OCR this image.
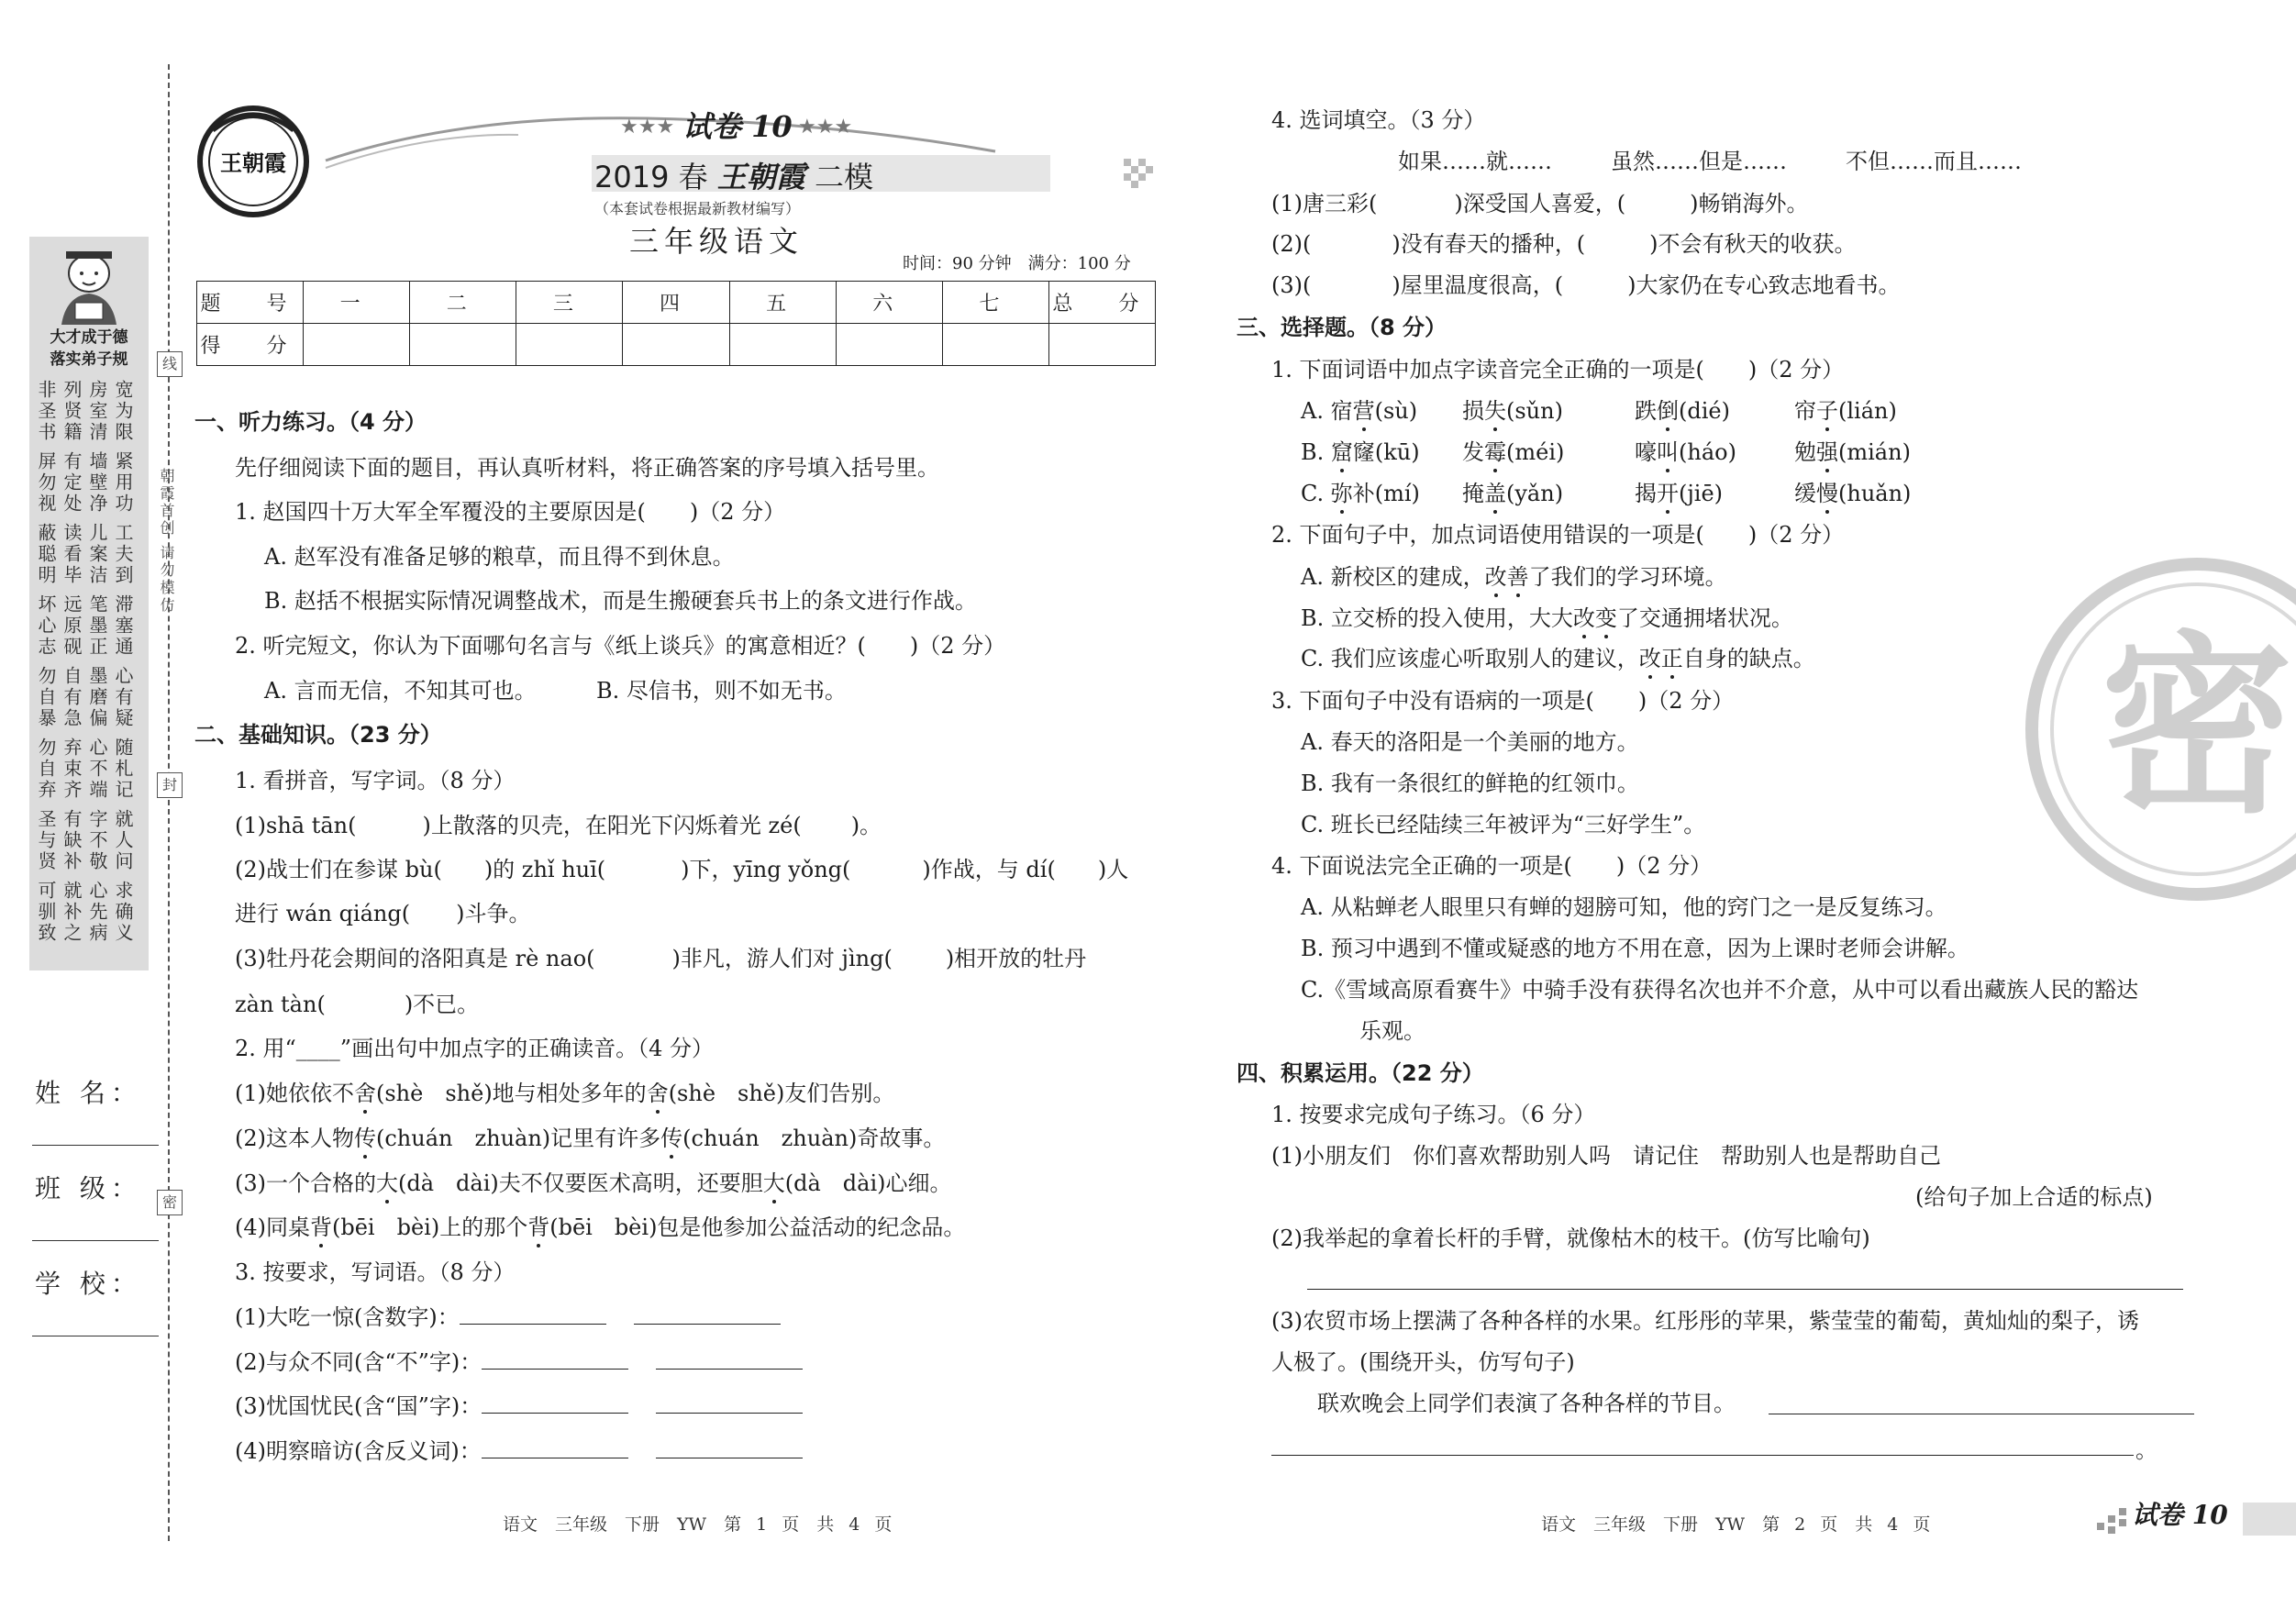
大才成于德
落实弟子规
非圣书 列贤籍 房室清 宽为限
屏勿视 有定处 墙壁净 紧用功
蔽聪明 读看毕 儿案洁 工夫到
坏心志 远原砚 笔墨正 滞塞通
勿自暴 自有急 墨磨偏 心有疑
勿自弃 弃束齐 心不端 随札记
圣与贤 有缺补 字不敬 就人问
可驯致 就补之 心先病 求确义
线
封
密
朝霞首创 请勿模仿
姓 名：
班 级：
学 校：
王朝霞
★★★ 试卷 10 ★★★
2019 春 王朝霞 二模
（本套试卷根据最新教材编写）
三年级语文
时间：90 分钟　满分：100 分
题　号	一	二	三	四	五	六	七	总　分
得　分								
一、听力练习。（4 分）
先仔细阅读下面的题目，再认真听材料，将正确答案的序号填入括号里。
1. 赵国四十万大军全军覆没的主要原因是(　　)（2 分）
A. 赵军没有准备足够的粮草，而且得不到休息。
B. 赵括不根据实际情况调整战术，而是生搬硬套兵书上的条文进行作战。
2. 听完短文，你认为下面哪句名言与《纸上谈兵》的寓意相近？(　　)（2 分）
A. 言而无信，不知其可也。	B. 尽信书，则不如无书。
二、基础知识。（23 分）
1. 看拼音，写字词。（8 分）
(1)shā tān(	)上散落的贝壳，在阳光下闪烁着光 zé( )。
(2)战士们在参谋 bù( )的 zhǐ huī(	)下，yīng yǒng(	)作战，与 dí( )人
进行 wán qiáng( )斗争。
(3)牡丹花会期间的洛阳真是 rè nao(	)非凡，游人们对 jìng( )相开放的牡丹
zàn tàn(	)不已。
2. 用“____”画出句中加点字的正确读音。（4 分）
(1)她依依不舍(shè　shě)地与相处多年的舍(shè　shě)友们告别。
(2)这本人物传(chuán　zhuàn)记里有许多传(chuán　zhuàn)奇故事。
(3)一个合格的大(dà　dài)夫不仅要医术高明，还要胆大(dà　dài)心细。
(4)同桌背(bēi　bèi)上的那个背(bēi　bèi)包是他参加公益活动的纪念品。
3. 按要求，写词语。（8 分）
(1)大吃一惊(含数字)：
(2)与众不同(含“不”字)：
(3)忧国忧民(含“国”字)：
(4)明察暗访(含反义词)：
语文　三年级　下册　YW　第 1 页　共 4 页
密
4. 选词填空。（3 分）
如果……就……	虽然……但是……	不但……而且……
(1)唐三彩(	)深受国人喜爱，(	)畅销海外。
(2)(	)没有春天的播种，(	)不会有秋天的收获。
(3)(	)屋里温度很高，(	)大家仍在专心致志地看书。
三、选择题。（8 分）
1. 下面词语中加点字读音完全正确的一项是(　　)（2 分）
A. 宿营(sù) 损失(sǔn)	跌倒(dié)	帘子(lián)
B. 窟窿(kū) 发霉(méi)	嚎叫(háo)	勉强(mián)
C. 弥补(mí) 掩盖(yǎn)	揭开(jiē)	缓慢(huǎn)
2. 下面句子中，加点词语使用错误的一项是(　　)（2 分）
A. 新校区的建成，改善了我们的学习环境。
B. 立交桥的投入使用，大大改变了交通拥堵状况。
C. 我们应该虚心听取别人的建议，改正自身的缺点。
3. 下面句子中没有语病的一项是(　　)（2 分）
A. 春天的洛阳是一个美丽的地方。
B. 我有一条很红的鲜艳的红领巾。
C. 班长已经陆续三年被评为“三好学生”。
4. 下面说法完全正确的一项是(　　)（2 分）
A. 从粘蝉老人眼里只有蝉的翅膀可知，他的窍门之一是反复练习。
B. 预习中遇到不懂或疑惑的地方不用在意，因为上课时老师会讲解。
C.《雪域高原看赛牛》中骑手没有获得名次也并不介意，从中可以看出藏族人民的豁达
乐观。
四、积累运用。（22 分）
1. 按要求完成句子练习。（6 分）
(1)小朋友们　你们喜欢帮助别人吗　请记住　帮助别人也是帮助自己
(给句子加上合适的标点)
(2)我举起的拿着长杆的手臂，就像枯木的枝干。(仿写比喻句)
(3)农贸市场上摆满了各种各样的水果。红彤彤的苹果，紫莹莹的葡萄，黄灿灿的梨子，诱
人极了。(围绕开头，仿写句子)
联欢晚会上同学们表演了各种各样的节目。
。
语文　三年级　下册　YW　第 2 页　共 4 页	试卷 10
